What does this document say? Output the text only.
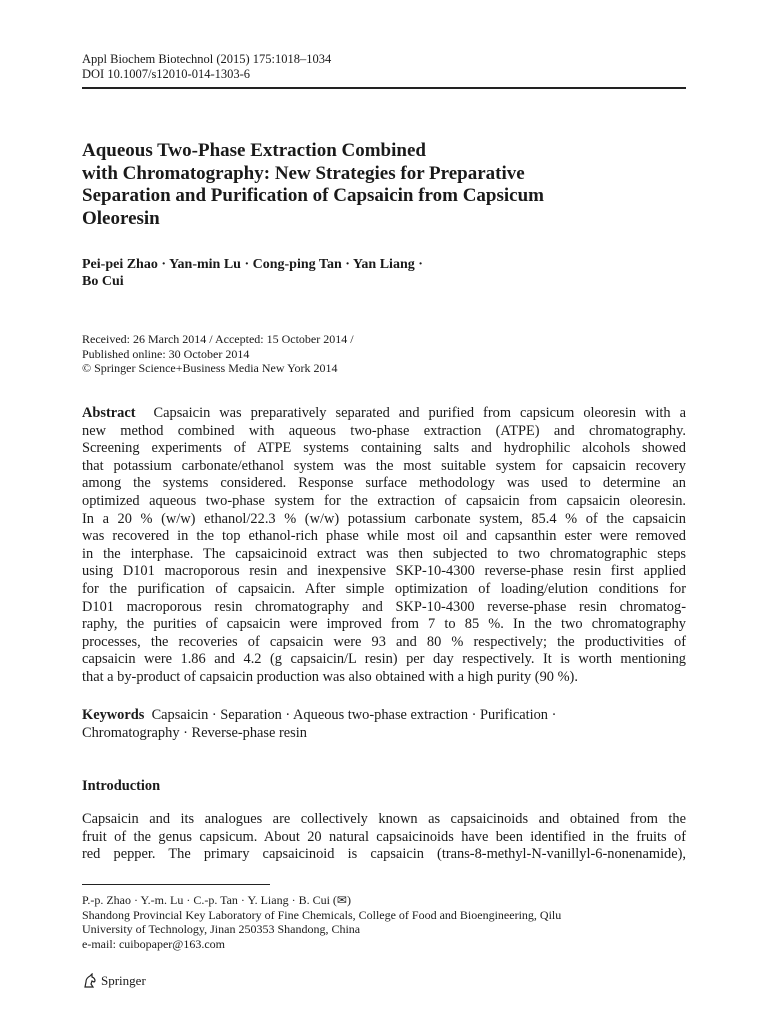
Appl Biochem Biotechnol (2015) 175:1018–1034
DOI 10.1007/s12010-014-1303-6
Aqueous Two-Phase Extraction Combined
with Chromatography: New Strategies for Preparative
Separation and Purification of Capsaicin from Capsicum
Oleoresin
Pei-pei Zhao · Yan-min Lu · Cong-ping Tan · Yan Liang ·
Bo Cui
Received: 26 March 2014 / Accepted: 15 October 2014 /
Published online: 30 October 2014
© Springer Science+Business Media New York 2014
Abstract Capsaicin was preparatively separated and purified from capsicum oleoresin with a
new method combined with aqueous two-phase extraction (ATPE) and chromatography.
Screening experiments of ATPE systems containing salts and hydrophilic alcohols showed
that potassium carbonate/ethanol system was the most suitable system for capsaicin recovery
among the systems considered. Response surface methodology was used to determine an
optimized aqueous two-phase system for the extraction of capsaicin from capsaicin oleoresin.
In a 20 % (w/w) ethanol/22.3 % (w/w) potassium carbonate system, 85.4 % of the capsaicin
was recovered in the top ethanol-rich phase while most oil and capsanthin ester were removed
in the interphase. The capsaicinoid extract was then subjected to two chromatographic steps
using D101 macroporous resin and inexpensive SKP-10-4300 reverse-phase resin first applied
for the purification of capsaicin. After simple optimization of loading/elution conditions for
D101 macroporous resin chromatography and SKP-10-4300 reverse-phase resin chromatog-
raphy, the purities of capsaicin were improved from 7 to 85 %. In the two chromatography
processes, the recoveries of capsaicin were 93 and 80 % respectively; the productivities of
capsaicin were 1.86 and 4.2 (g capsaicin/L resin) per day respectively. It is worth mentioning
that a by-product of capsaicin production was also obtained with a high purity (90 %).
Keywords Capsaicin · Separation · Aqueous two-phase extraction · Purification ·
Chromatography · Reverse-phase resin
Introduction
Capsaicin and its analogues are collectively known as capsaicinoids and obtained from the
fruit of the genus capsicum. About 20 natural capsaicinoids have been identified in the fruits of
red pepper. The primary capsaicinoid is capsaicin (trans-8-methyl-N-vanillyl-6-nonenamide),
P.-p. Zhao · Y.-m. Lu · C.-p. Tan · Y. Liang · B. Cui (✉)
Shandong Provincial Key Laboratory of Fine Chemicals, College of Food and Bioengineering, Qilu
University of Technology, Jinan 250353 Shandong, China
e-mail: cuibopaper@163.com
Springer
